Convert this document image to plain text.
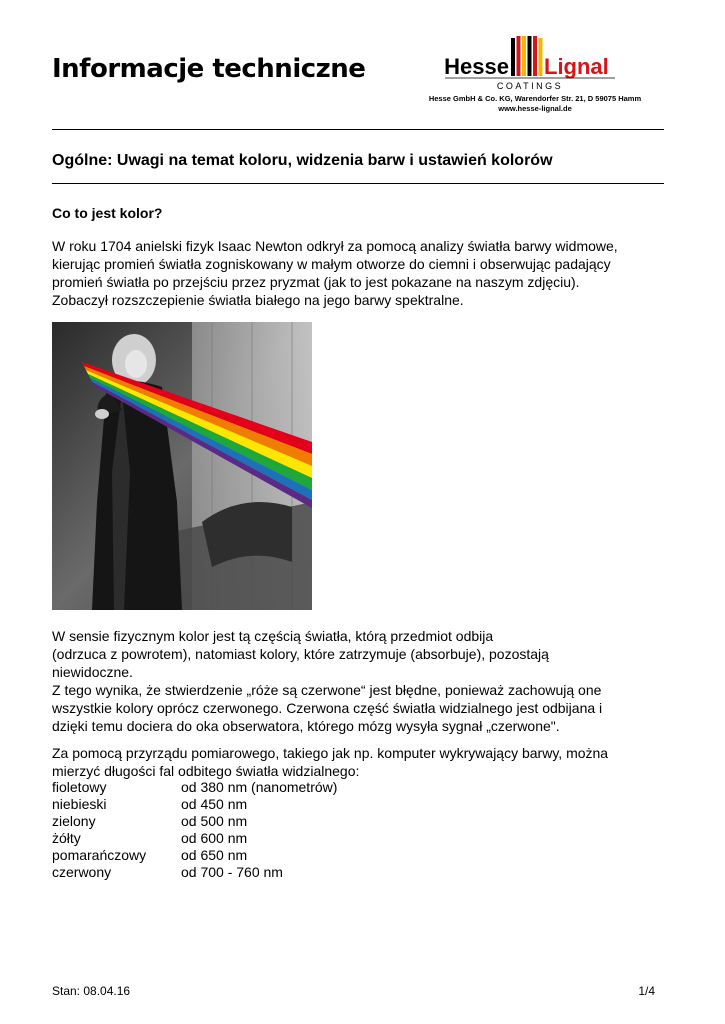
Informacje techniczne	Hesse Lignal
COATINGS
Hesse GmbH & Co. KG, Warendorfer Str. 21, D 59075 Hamm
www.hesse-lignal.de
Ogólne: Uwagi na temat koloru, widzenia barw i ustawień kolorów
Co to jest kolor?

W roku 1704 anielski fizyk Isaac Newton odkrył za pomocą analizy światła barwy widmowe,
kierując promień światła zogniskowany w małym otworze do ciemni i obserwując padający
promień światła po przejściu przez pryzmat (jak to jest pokazane na naszym zdjęciu).
Zobaczył rozszczepienie światła białego na jego barwy spektralne.

W sensie fizycznym kolor jest tą częścią światła, którą przedmiot odbija
(odrzuca z powrotem), natomiast kolory, które zatrzymuje (absorbuje), pozostają
niewidoczne.
Z tego wynika, że stwierdzenie „róże są czerwone“ jest błędne, ponieważ zachowują one
wszystkie kolory oprócz czerwonego. Czerwona część światła widzialnego jest odbijana i
dzięki temu dociera do oka obserwatora, którego mózg wysyła sygnał „czerwone".

Za pomocą przyrządu pomiarowego, takiego jak np. komputer wykrywający barwy, można
mierzyć długości fal odbitego światła widzialnego:

fioletowy	od 380 nm (nanometrów)
niebieski	od 450 nm
zielony	od 500 nm
żółty	od 600 nm
pomarańczowy	od 650 nm
czerwony	od 700 - 760 nm
Stan: 08.04.16	1/4
